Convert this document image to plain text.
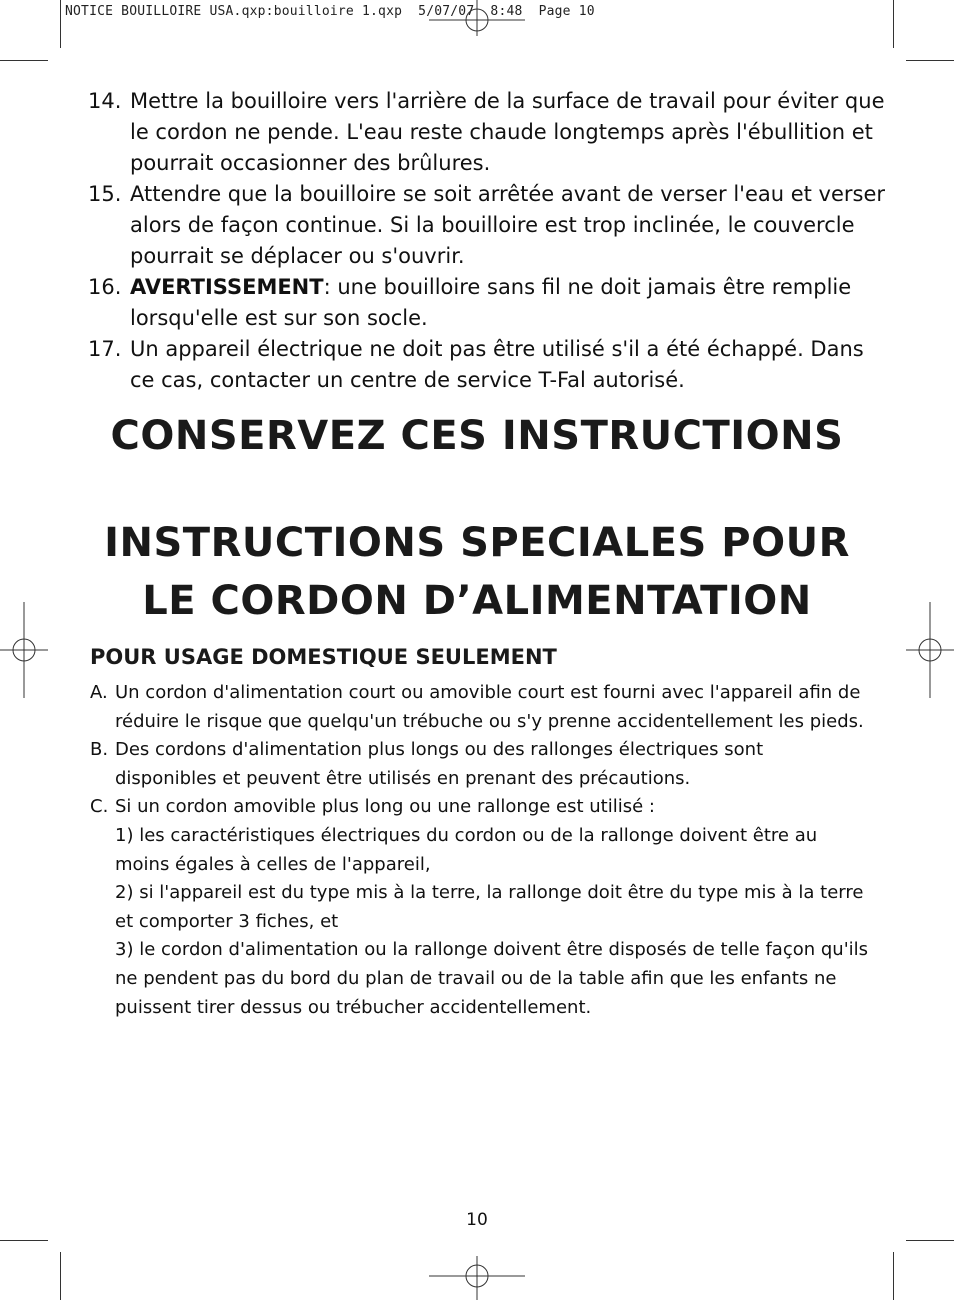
NOTICE BOUILLOIRE USA.qxp:bouilloire 1.qxp  5/07/07  8:48  Page 10
14. Mettre la bouilloire vers l'arrière de la surface de travail pour éviter que le cordon ne pende. L'eau reste chaude longtemps après l'ébullition et pourrait occasionner des brûlures.
15. Attendre que la bouilloire se soit arrêtée avant de verser l'eau et verser alors de façon continue. Si la bouilloire est trop inclinée, le couvercle pourrait se déplacer ou s'ouvrir.
16. AVERTISSEMENT: une bouilloire sans fil ne doit jamais être remplie lorsqu'elle est sur son socle.
17. Un appareil électrique ne doit pas être utilisé s'il a été échappé. Dans ce cas, contacter un centre de service T-Fal autorisé.
CONSERVEZ CES INSTRUCTIONS
INSTRUCTIONS SPECIALES POUR
LE CORDON D’ALIMENTATION
POUR USAGE DOMESTIQUE SEULEMENT
A. Un cordon d'alimentation court ou amovible court est fourni avec l'appareil afin de réduire le risque que quelqu'un trébuche ou s'y prenne accidentellement les pieds.
B. Des cordons d'alimentation plus longs ou des rallonges électriques sont disponibles et peuvent être utilisés en prenant des précautions.
C. Si un cordon amovible plus long ou une rallonge est utilisé :
1) les caractéristiques électriques du cordon ou de la rallonge doivent être au moins égales à celles de l'appareil,
2) si l'appareil est du type mis à la terre, la rallonge doit être du type mis à la terre et comporter 3 fiches, et
3) le cordon d'alimentation ou la rallonge doivent être disposés de telle façon qu'ils ne pendent pas du bord du plan de travail ou de la table afin que les enfants ne puissent tirer dessus ou trébucher accidentellement.
10
